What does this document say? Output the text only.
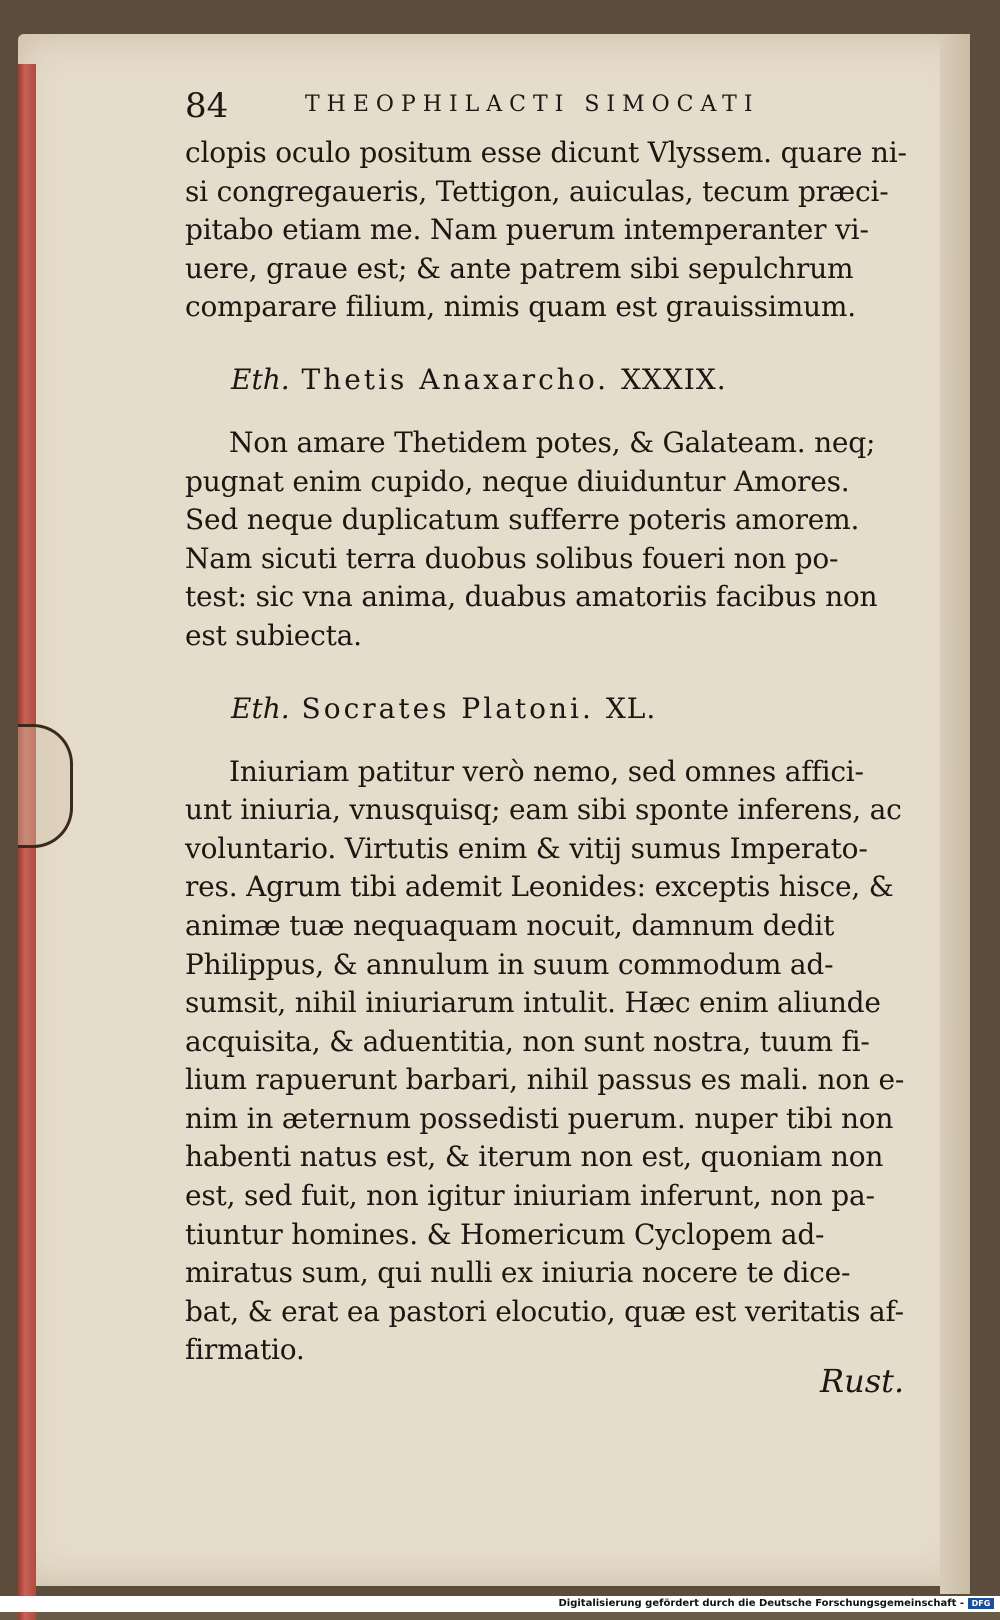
84	THEOPHILACTI SIMOCATI
clopis oculo positum esse dicunt Vlyssem. quare ni-
si congregaueris, Tettigon, auiculas, tecum præci-
pitabo etiam me. Nam puerum intemperanter vi-
uere, graue est; & ante patrem sibi sepulchrum
comparare filium, nimis quam est grauissimum.
Eth. Thetis Anaxarcho. XXXIX.
Non amare Thetidem potes, & Galateam. neq;
pugnat enim cupido, neque diuiduntur Amores.
Sed neque duplicatum sufferre poteris amorem.
Nam sicuti terra duobus solibus foueri non po-
test: sic vna anima, duabus amatoriis facibus non
est subiecta.
Eth. Socrates Platoni. XL.
Iniuriam patitur verò nemo, sed omnes affici-
unt iniuria, vnusquisq; eam sibi sponte inferens, ac
voluntario. Virtutis enim & vitij sumus Imperato-
res. Agrum tibi ademit Leonides: exceptis hisce, &
animæ tuæ nequaquam nocuit, damnum dedit
Philippus, & annulum in suum commodum ad-
sumsit, nihil iniuriarum intulit. Hæc enim aliunde
acquisita, & aduentitia, non sunt nostra, tuum fi-
lium rapuerunt barbari, nihil passus es mali. non e-
nim in æternum possedisti puerum. nuper tibi non
habenti natus est, & iterum non est, quoniam non
est, sed fuit, non igitur iniuriam inferunt, non pa-
tiuntur homines. & Homericum Cyclopem ad-
miratus sum, qui nulli ex iniuria nocere te dice-
bat, & erat ea pastori elocutio, quæ est veritatis af-
firmatio.
Rust.
Digitalisierung gefördert durch die Deutsche Forschungsgemeinschaft - DFG
